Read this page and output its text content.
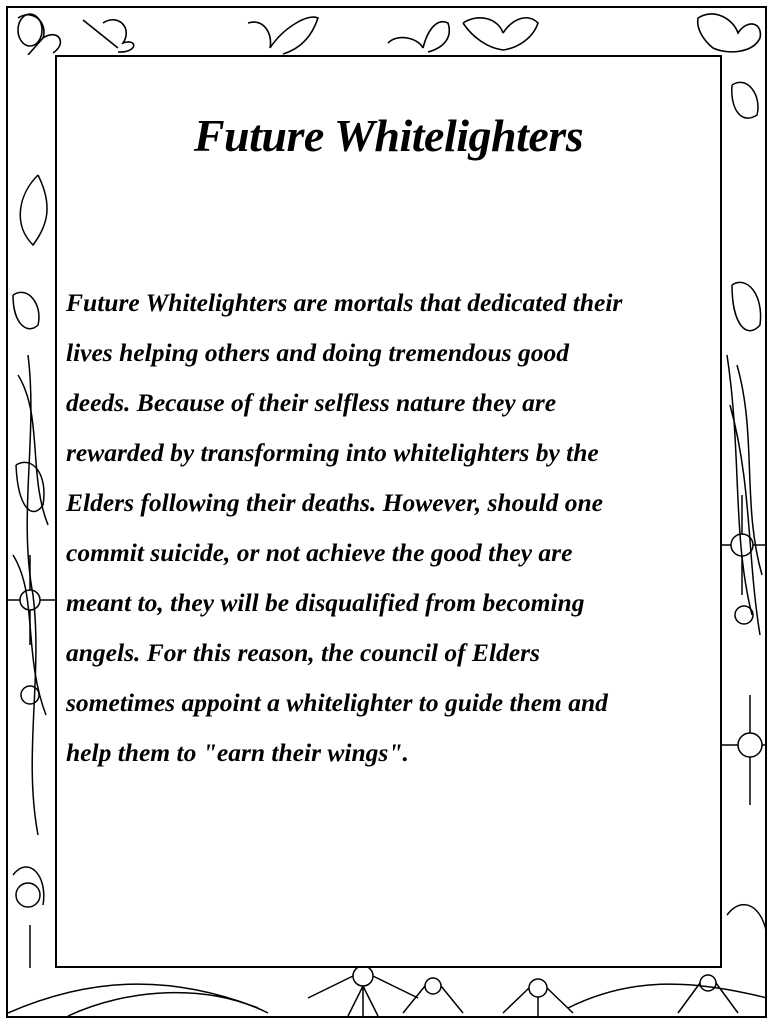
Future Whitelighters
Future Whitelighters are mortals that dedicated their
lives helping others and doing tremendous good
deeds. Because of their selfless nature they are
rewarded by transforming into whitelighters by the
Elders following their deaths. However, should one
commit suicide, or not achieve the good they are
meant to, they will be disqualified from becoming
angels. For this reason, the council of Elders
sometimes appoint a whitelighter to guide them and
help them to "earn their wings".
